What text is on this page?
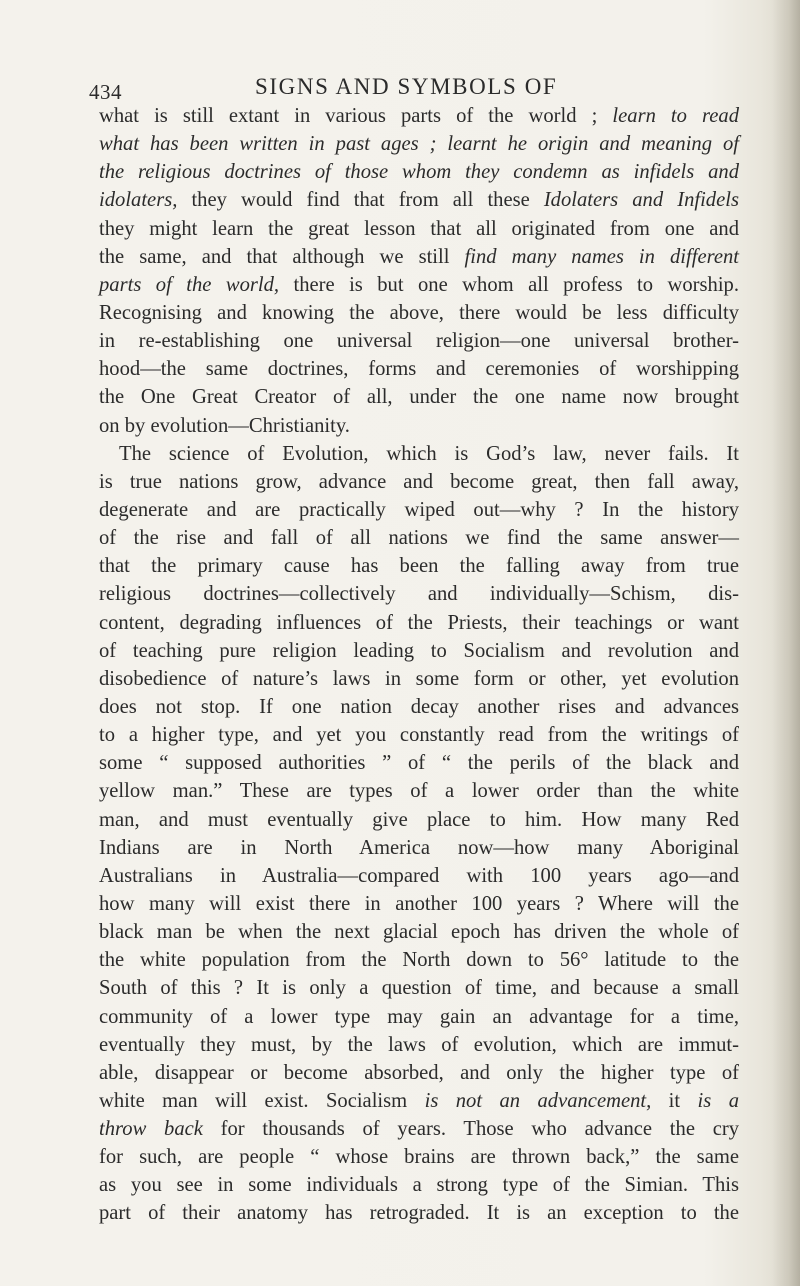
434	SIGNS AND SYMBOLS OF
what is still extant in various parts of the world ; learn to read
what has been written in past ages ; learnt he origin and meaning of
the religious doctrines of those whom they condemn as infidels and
idolaters, they would find that from all these Idolaters and Infidels
they might learn the great lesson that all originated from one and
the same, and that although we still find many names in different
parts of the world, there is but one whom all profess to worship.
Recognising and knowing the above, there would be less difficulty
in re-establishing one universal religion—one universal brother-
hood—the same doctrines, forms and ceremonies of worshipping
the One Great Creator of all, under the one name now brought
on by evolution—Christianity.
The science of Evolution, which is God’s law, never fails. It
is true nations grow, advance and become great, then fall away,
degenerate and are practically wiped out—why ? In the history
of the rise and fall of all nations we find the same answer—
that the primary cause has been the falling away from true
religious doctrines—collectively and individually—Schism, dis-
content, degrading influences of the Priests, their teachings or want
of teaching pure religion leading to Socialism and revolution and
disobedience of nature’s laws in some form or other, yet evolution
does not stop. If one nation decay another rises and advances
to a higher type, and yet you constantly read from the writings of
some “ supposed authorities ” of “ the perils of the black and
yellow man.” These are types of a lower order than the white
man, and must eventually give place to him. How many Red
Indians are in North America now—how many Aboriginal
Australians in Australia—compared with 100 years ago—and
how many will exist there in another 100 years ? Where will the
black man be when the next glacial epoch has driven the whole of
the white population from the North down to 56° latitude to the
South of this ? It is only a question of time, and because a small
community of a lower type may gain an advantage for a time,
eventually they must, by the laws of evolution, which are immut-
able, disappear or become absorbed, and only the higher type of
white man will exist. Socialism is not an advancement, it is a
throw back for thousands of years. Those who advance the cry
for such, are people “ whose brains are thrown back,” the same
as you see in some individuals a strong type of the Simian. This
part of their anatomy has retrograded. It is an exception to the
